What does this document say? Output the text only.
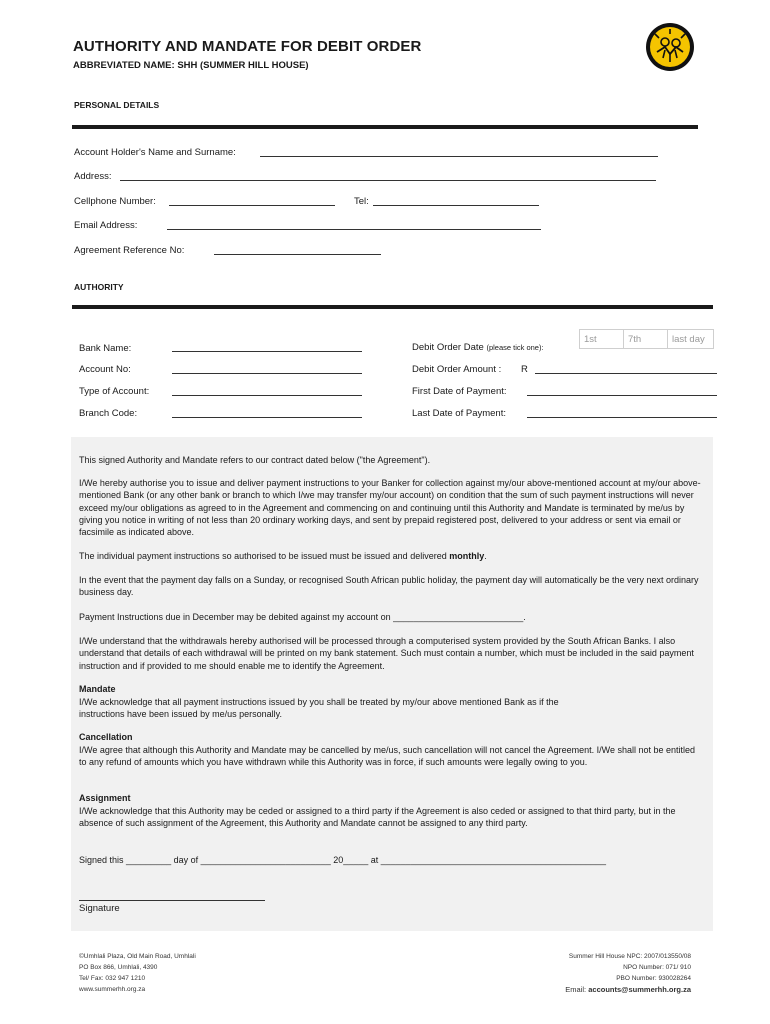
AUTHORITY AND MANDATE FOR DEBIT ORDER
ABBREVIATED NAME: SHH (SUMMER HILL HOUSE)
PERSONAL DETAILS
Account Holder's Name and Surname:
Address:
Cellphone Number:	Tel:
Email Address:
Agreement Reference No:
AUTHORITY
Bank Name:
Account No:
Type of Account:
Branch Code:
Debit Order Date (please tick one):
1st	7th	last day
Debit Order Amount : R
First Date of Payment:
Last Date of Payment:

This signed Authority and Mandate refers to our contract dated below ("the Agreement").

I/We hereby authorise you to issue and deliver payment instructions to your Banker for collection against my/our above-mentioned account at my/our above-mentioned Bank (or any other bank or branch to which I/we may transfer my/our account) on condition that the sum of such payment instructions will never exceed my/our obligations as agreed to in the Agreement and commencing on and continuing until this Authority and Mandate is terminated by me/us by giving you notice in writing of not less than 20 ordinary working days, and sent by prepaid registered post, delivered to your address or sent via email or facsimile as indicated above.

The individual payment instructions so authorised to be issued must be issued and delivered monthly.

In the event that the payment day falls on a Sunday, or recognised South African public holiday, the payment day will automatically be the very next ordinary business day.

Payment Instructions due in December may be debited against my account on __________________________.

I/We understand that the withdrawals hereby authorised will be processed through a computerised system provided by the South African Banks. I also understand that details of each withdrawal will be printed on my bank statement. Such must contain a number, which must be included in the said payment instruction and if provided to me should enable me to identify the Agreement.

Mandate

I/We acknowledge that all payment instructions issued by you shall be treated by my/our above mentioned Bank as if the instructions have been issued by me/us personally.

Cancellation

I/We agree that although this Authority and Mandate may be cancelled by me/us, such cancellation will not cancel the Agreement. I/We shall not be entitled to any refund of amounts which you have withdrawn while this Authority was in force, if such amounts were legally owing to you.

Assignment

I/We acknowledge that this Authority may be ceded or assigned to a third party if the Agreement is also ceded or assigned to that third party, but in the absence of such assignment of the Agreement, this Authority and Mandate cannot be assigned to any third party.

Signed this _________ day of __________________________ 20_____ at _____________________________________________

Signature
©Umhlali Plaza, Old Main Road, Umhlali
PO Box 866, Umhlali, 4390
Tel/ Fax: 032 947 1210
www.summerhh.org.za
Summer Hill House NPC: 2007/013550/08
NPO Number: 071/ 910
PBO Number: 930028264
Email: accounts@summerhh.org.za
